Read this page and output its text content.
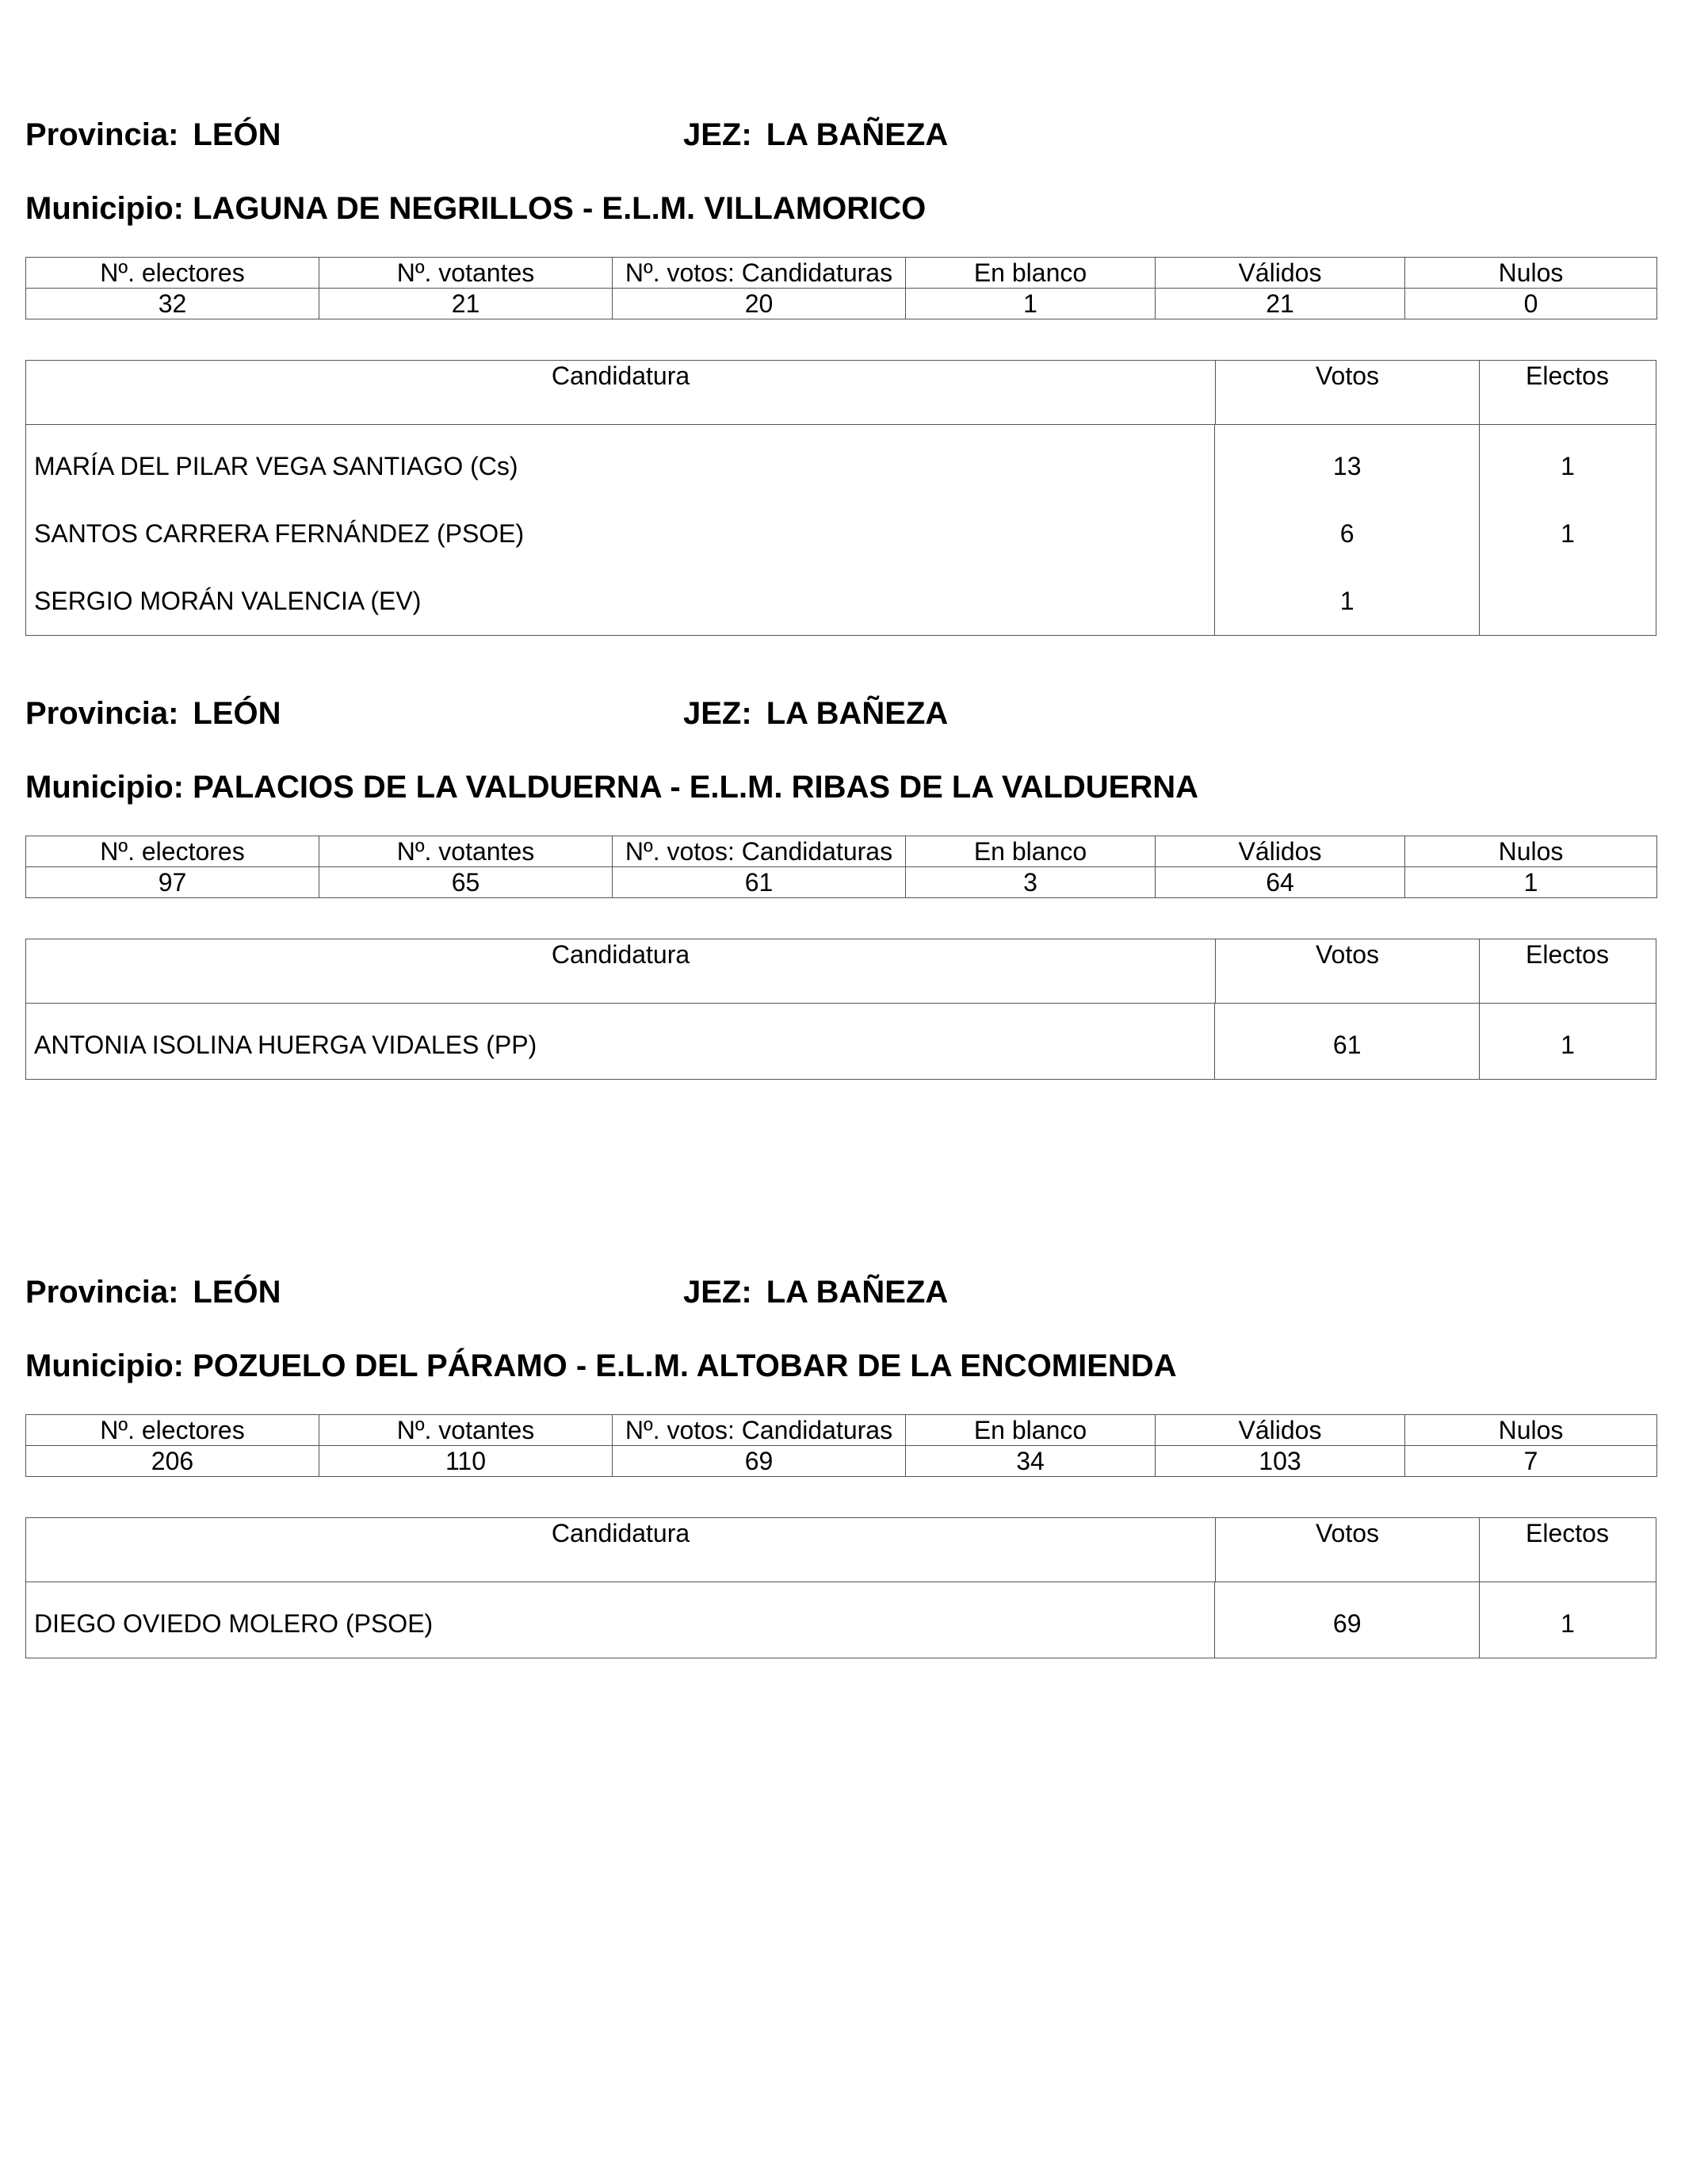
Provincia: LEÓN	JEZ: LA BAÑEZA
Municipio: LAGUNA DE NEGRILLOS - E.L.M. VILLAMORICO
Nº. electores	Nº. votantes	Nº. votos: Candidaturas	En blanco	Válidos	Nulos
32	21	20	1	21	0
Candidatura	Votos	Electos
MARÍA DEL PILAR VEGA SANTIAGO (Cs)	13	1
SANTOS CARRERA FERNÁNDEZ (PSOE)	6	1
SERGIO MORÁN VALENCIA (EV)	1
Provincia: LEÓN	JEZ: LA BAÑEZA
Municipio: PALACIOS DE LA VALDUERNA - E.L.M. RIBAS DE LA VALDUERNA
Nº. electores	Nº. votantes	Nº. votos: Candidaturas	En blanco	Válidos	Nulos
97	65	61	3	64	1
Candidatura	Votos	Electos
ANTONIA ISOLINA HUERGA VIDALES (PP)	61	1
Provincia: LEÓN	JEZ: LA BAÑEZA
Municipio: POZUELO DEL PÁRAMO - E.L.M. ALTOBAR DE LA ENCOMIENDA
Nº. electores	Nº. votantes	Nº. votos: Candidaturas	En blanco	Válidos	Nulos
206	110	69	34	103	7
Candidatura	Votos	Electos
DIEGO OVIEDO MOLERO (PSOE)	69	1
